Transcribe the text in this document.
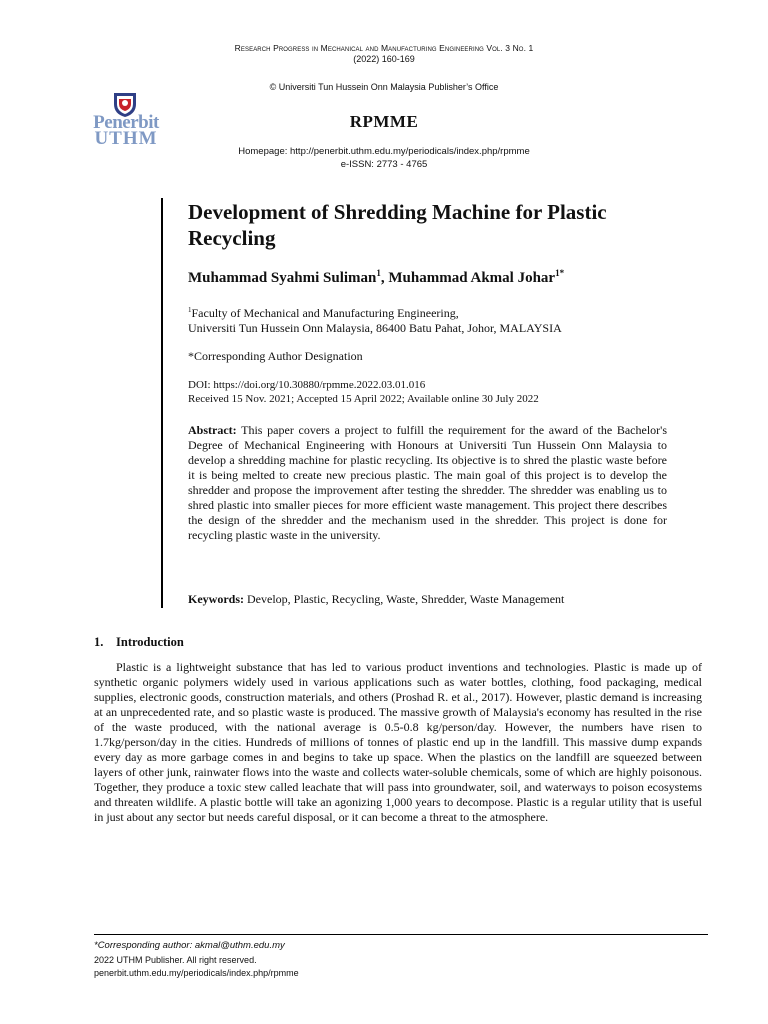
Research Progress in Mechanical and Manufacturing Engineering Vol. 3 No. 1
(2022) 160-169
© Universiti Tun Hussein Onn Malaysia Publisher’s Office
Penerbit
UTHM
RPMME
Homepage: http://penerbit.uthm.edu.my/periodicals/index.php/rpmme
e-ISSN: 2773 - 4765
Development of Shredding Machine for Plastic Recycling
Muhammad Syahmi Suliman$^1$, Muhammad Akmal Johar$^{1*}$
$^1$Faculty of Mechanical and Manufacturing Engineering,
Universiti Tun Hussein Onn Malaysia, 86400 Batu Pahat, Johor, MALAYSIA
*Corresponding Author Designation
DOI: https://doi.org/10.30880/rpmme.2022.03.01.016
Received 15 Nov. 2021; Accepted 15 April 2022; Available online 30 July 2022
Abstract: This paper covers a project to fulfill the requirement for the award of the Bachelor's Degree of Mechanical Engineering with Honours at Universiti Tun Hussein Onn Malaysia to develop a shredding machine for plastic recycling. Its objective is to shred the plastic waste before it is being melted to create new precious plastic. The main goal of this project is to develop the shredder and propose the improvement after testing the shredder. The shredder was enabling us to shred plastic into smaller pieces for more efficient waste management. This project there describes the design of the shredder and the mechanism used in the shredder. This project is done for recycling plastic waste in the university.
Keywords: Develop, Plastic, Recycling, Waste, Shredder, Waste Management
1. Introduction

Plastic is a lightweight substance that has led to various product inventions and technologies. Plastic is made up of synthetic organic polymers widely used in various applications such as water bottles, clothing, food packaging, medical supplies, electronic goods, construction materials, and others (Proshad R. et al., 2017). However, plastic demand is increasing at an unprecedented rate, and so plastic waste is produced. The massive growth of Malaysia's economy has resulted in the rise of the waste produced, with the national average is 0.5-0.8 kg/person/day. However, the numbers have risen to 1.7kg/person/day in the cities. Hundreds of millions of tonnes of plastic end up in the landfill. This massive dump expands every day as more garbage comes in and begins to take up space. When the plastics on the landfill are squeezed between layers of other junk, rainwater flows into the waste and collects water-soluble chemicals, some of which are highly poisonous. Together, they produce a toxic stew called leachate that will pass into groundwater, soil, and waterways to poison ecosystems and threaten wildlife. A plastic bottle will take an agonizing 1,000 years to decompose. Plastic is a regular utility that is useful in just about any sector but needs careful disposal, or it can become a threat to the atmosphere.

*Corresponding author: akmal@uthm.edu.my
2022 UTHM Publisher. All right reserved.
penerbit.uthm.edu.my/periodicals/index.php/rpmme
